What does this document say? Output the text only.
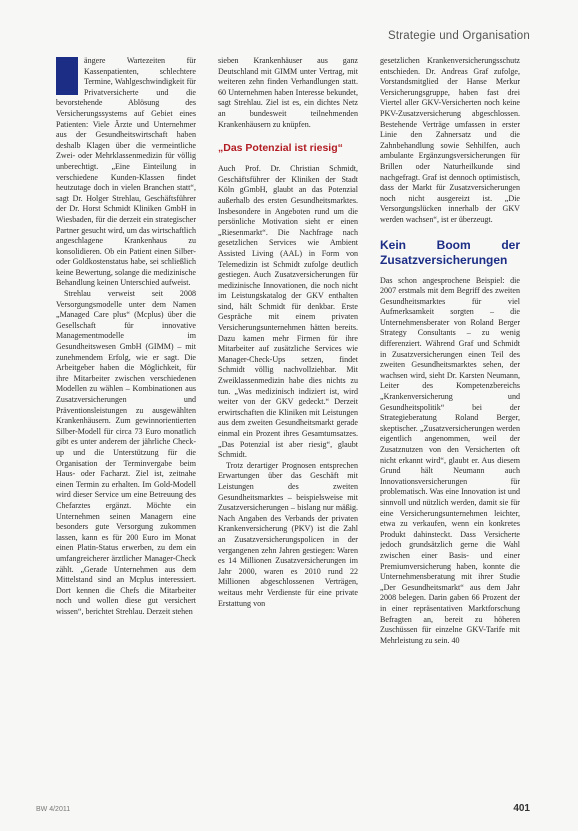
Strategie und Organisation

ängere Wartezeiten für Kassenpatienten, schlechtere Termine, Wahlgeschwindigkeit für Privatversicherte und die bevorstehende Ablösung des Versicherungssystems auf Gebiet eines Patienten: Viele Ärzte und Unternehmer aus der Gesundheitswirtschaft haben deshalb Klagen über die vermeintliche Zwei- oder Mehrklassenmedizin für völlig unberechtigt. „Eine Einteilung in verschiedene Kunden-Klassen findet heutzutage doch in vielen Branchen statt“, sagt Dr. Holger Strehlau, Geschäftsführer der Dr. Horst Schmidt Kliniken GmbH in Wiesbaden, für die derzeit ein strategischer Partner gesucht wird, um das wirtschaftlich angeschlagene Krankenhaus zu konsolidieren. Ob ein Patient einen Silber- oder Goldkostenstatus habe, sei schließlich keine Bewertung, solange die medizinische Behandlung keinen Unterschied aufweist.

Strehlau verweist seit 2008 Versorgungsmodelle unter dem Namen „Managed Care plus“ (Mcplus) über die Gesellschaft für innovative Managementmodelle im Gesundheitswesen GmbH (GIMM) – mit zunehmendem Erfolg, wie er sagt. Die Arbeitgeber haben die Möglichkeit, für ihre Mitarbeiter zwischen verschiedenen Modellen zu wählen – Kombinationen aus Zusatzversicherungen und Präventionsleistungen zu ausgewählten Krankenhäusern. Zum gewinnorientierten Silber-Modell für circa 73 Euro monatlich gibt es unter anderem der jährliche Check-up und die Unterstützung für die Organisation der Terminvergabe beim Haus- oder Facharzt. Ziel ist, zeitnahe einen Termin zu erhalten. Im Gold-Modell wird dieser Service um eine Betreuung des Chefarztes ergänzt. Möchte ein Unternehmen seinen Managern eine besonders gute Versorgung zukommen lassen, kann es für 200 Euro im Monat einen Platin-Status erwerben, zu dem ein umfangreicherer ärztlicher Manager-Check zählt. „Gerade Unternehmen aus dem Mittelstand sind an Mcplus interessiert. Dort kennen die Chefs die Mitarbeiter noch und wollen diese gut versichert wissen“, berichtet Strehlau. Derzeit stehen

sieben Krankenhäuser aus ganz Deutschland mit GIMM unter Vertrag, mit weiteren zehn finden Verhandlungen statt. 60 Unternehmen haben Interesse bekundet, sagt Strehlau. Ziel ist es, ein dichtes Netz an bundesweit teilnehmenden Krankenhäusern zu knüpfen.

„Das Potenzial ist riesig“

Auch Prof. Dr. Christian Schmidt, Geschäftsführer der Kliniken der Stadt Köln gGmbH, glaubt an das Potenzial außerhalb des ersten Gesundheitsmarktes. Insbesondere in Angeboten rund um die persönliche Motivation sieht er einen „Riesenmarkt“. Die Nachfrage nach gesetzlichen Services wie Ambient Assisted Living (AAL) in Form von Telemedizin ist Schmidt zufolge deutlich gestiegen. Auch Zusatzversicherungen für medizinische Innovationen, die noch nicht im Leistungskatalog der GKV enthalten sind, hält Schmidt für denkbar. Erste Gespräche mit einem privaten Versicherungsunternehmen hätten bereits. Dazu kamen mehr Firmen für ihre Mitarbeiter auf zusätzliche Services wie Manager-Check-Ups setzen, findet Schmidt völlig nachvollziehbar. Mit Zweiklassenmedizin habe dies nichts zu tun. „Was medizinisch indiziert ist, wird weiter von der GKV gedeckt.“ Derzeit erwirtschaften die Kliniken mit Leistungen aus dem zweiten Gesundheitsmarkt gerade einmal ein Prozent ihres Gesamtumsatzes. „Das Potenzial ist aber riesig“, glaubt Schmidt.

Trotz derartiger Prognosen entsprechen Erwartungen über das Geschäft mit Leistungen des zweiten Gesundheitsmarktes – beispielsweise mit Zusatzversicherungen – bislang nur mäßig. Nach Angaben des Verbands der privaten Krankenversicherung (PKV) ist die Zahl an Zusatzversicherungspolicen in der vergangenen zehn Jahren gestiegen: Waren es 14 Millionen Zusatzversicherungen im Jahr 2000, waren es 2010 rund 22 Millionen abgeschlossenen Verträgen, weitaus mehr Verdienste für eine private Erstattung von

gesetzlichen Krankenversicherungsschutz entschieden. Dr. Andreas Graf zufolge, Vorstandsmitglied der Hanse Merkur Versicherungsgruppe, haben fast drei Viertel aller GKV-Versicherten noch keine PKV-Zusatzversicherung abgeschlossen. Bestehende Verträge umfassen in erster Linie den Zahnersatz und die Zahnbehandlung sowie Sehhilfen, auch ambulante Ergänzungsversicherungen für Brillen oder Naturheilkunde sind nachgefragt. Graf ist dennoch optimistisch, dass der Markt für Zusatzversicherungen noch nicht ausgereizt ist. „Die Versorgungslücken innerhalb der GKV werden wachsen“, ist er überzeugt.

Kein Boom der Zusatzversicherungen

Das schon angesprochene Beispiel: die 2007 erstmals mit dem Begriff des zweiten Gesundheitsmarktes für viel Aufmerksamkeit sorgten – die Unternehmensberater von Roland Berger Strategy Consultants – zu wenig differenziert. Während Graf und Schmidt in Zusatzversicherungen einen Teil des zweiten Gesundheitsmarktes sehen, der wachsen wird, sieht Dr. Karsten Neumann, Leiter des Kompetenzbereichs „Krankenversicherung und Gesundheitspolitik“ bei der Strategieberatung Roland Berger, skeptischer. „Zusatzversicherungen werden eigentlich angenommen, weil der Zusatznutzen von den Versicherten oft nicht erkannt wird“, glaubt er. Aus diesem Grund hält Neumann auch Innovationsversicherungen für problematisch. Was eine Innovation ist und sinnvoll und nützlich werden, damit sie für eine Versicherungsunternehmen leichter, etwa zu verkaufen, wenn ein konkretes Produkt dahinsteckt. Dass Versicherte jedoch grundsätzlich gerne die Wahl zwischen einer Basis- und einer Premiumversicherung haben, konnte die Unternehmensberatung mit ihrer Studie „Der Gesundheitsmarkt“ aus dem Jahr 2008 belegen. Darin gaben 66 Prozent der in einer repräsentativen Marktforschung Befragten an, bereit zu höheren Zuschüssen für einzelne GKV-Tarife mit Mehrleistung zu sein. 40

BW 4/2011	401
